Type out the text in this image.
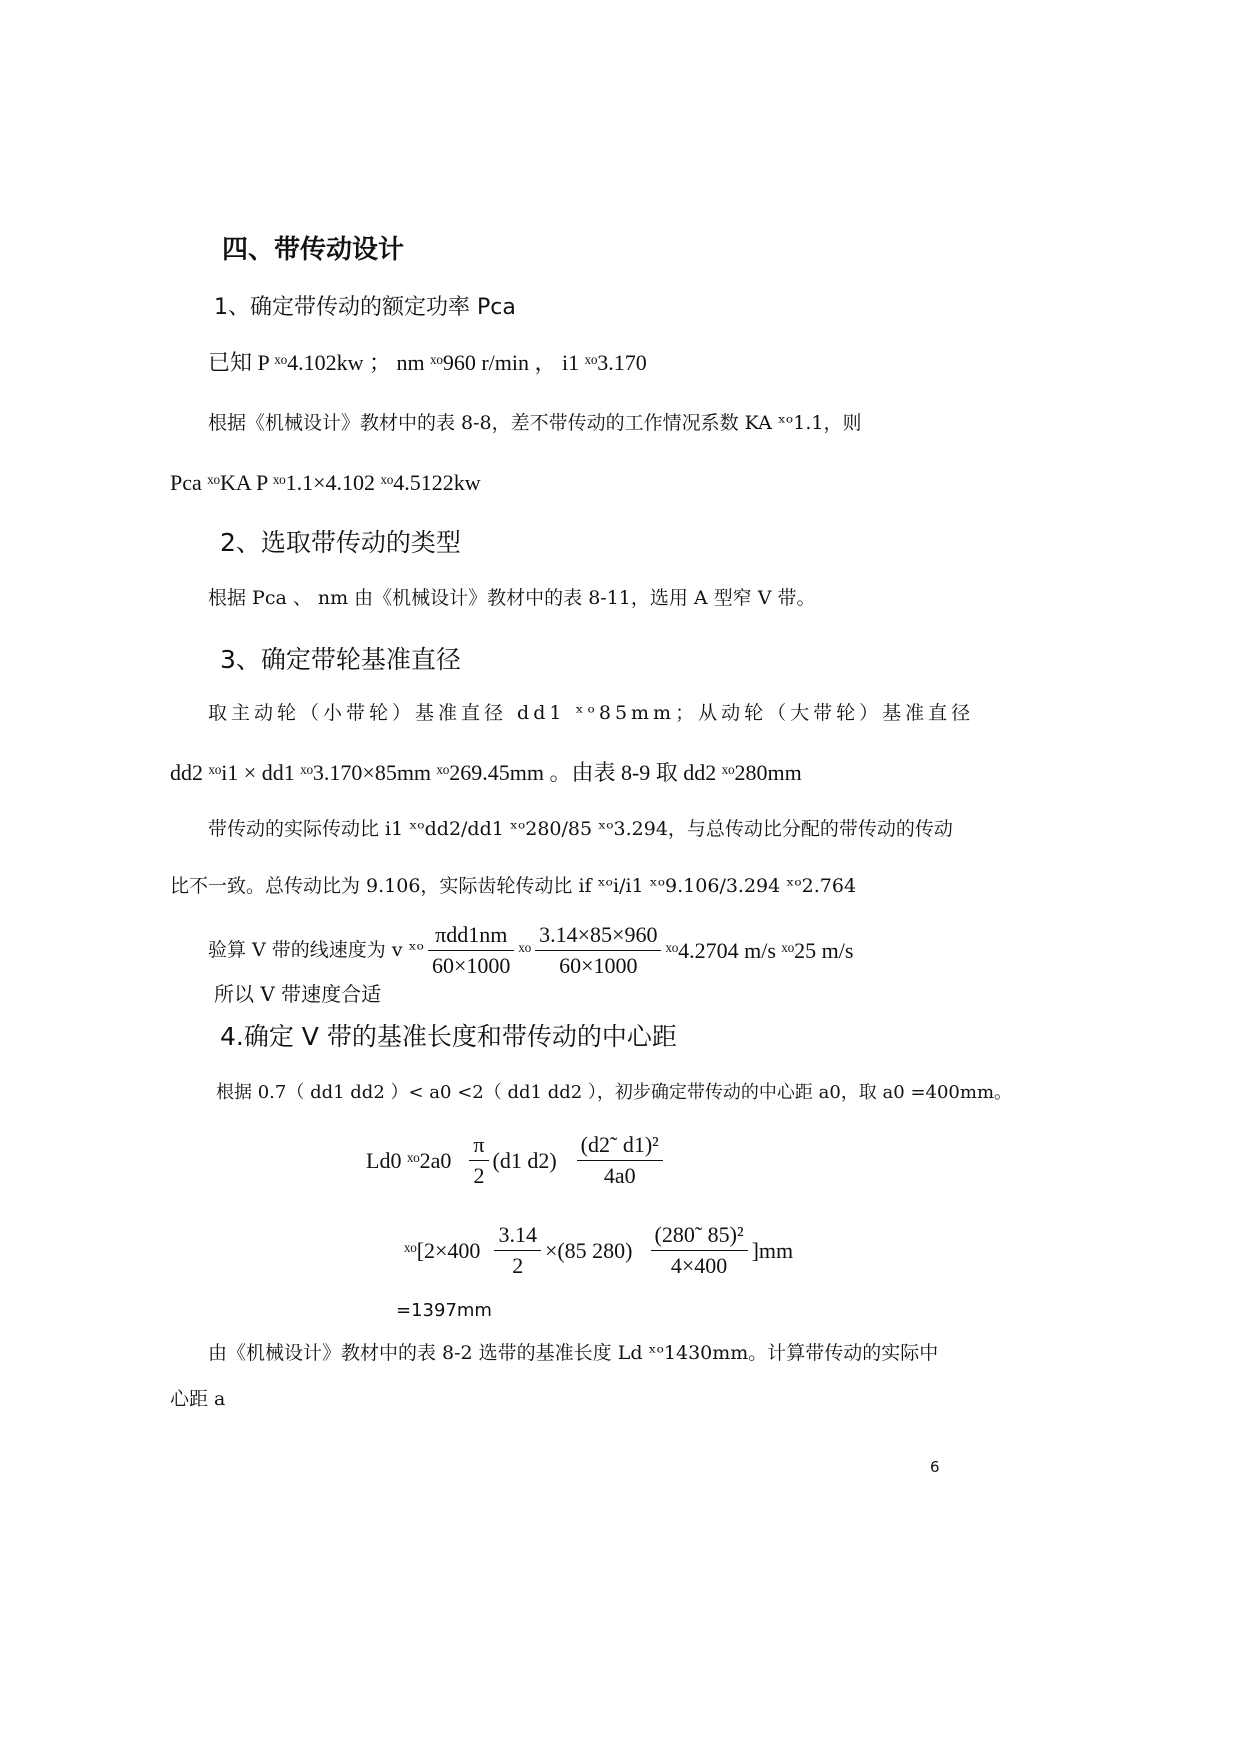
四、带传动设计
1、确定带传动的额定功率 Pca
已知 P ˣᵒ4.102kw ； nm ˣᵒ960 r/min ， i1 ˣᵒ3.170
根据《机械设计》教材中的表 8-8，差不带传动的工作情况系数 KA ˣᵒ1.1，则
Pca ˣᵒKA P ˣᵒ1.1×4.102 ˣᵒ4.5122kw
2、选取带传动的类型
根据 Pca 、 nm 由《机械设计》教材中的表 8-11，选用 A 型窄 V 带。
3、确定带轮基准直径
取主动轮（小带轮）基准直径 dd1 ˣᵒ85mm；从动轮（大带轮）基准直径
dd2 ˣᵒi1 × dd1 ˣᵒ3.170×85mm ˣᵒ269.45mm 。由表 8-9 取 dd2 ˣᵒ280mm
带传动的实际传动比 i1 ˣᵒdd2/dd1 ˣᵒ280/85 ˣᵒ3.294，与总传动比分配的带传动的传动
比不一致。总传动比为 9.106，实际齿轮传动比 if ˣᵒi/i1 ˣᵒ9.106/3.294 ˣᵒ2.764
验算 V 带的线速度为 v ˣᵒ $\frac{\text{πdd1nm}}{60\times 1000}$ ˣᵒ $\frac{3.14\times 85\times 960}{60\times 1000}$ ˣᵒ4.2704 m/s ˣᵒ25 m/s
所以 V 带速度合适
4.确定 V 带的基准长度和带传动的中心距
根据 0.7（ dd1 dd2 ）< a0 <2（ dd1 dd2 ），初步确定带传动的中心距 a0，取 a0 =400mm。
Ld0 ˣᵒ2a0 $\frac{\pi}{2} (d1$ $d2) \frac{\text{(d2˜ d1)²}}{4a0}$
ˣᵒ[2×400 $\frac{3.14}{2} \times(85$ $280) \frac{\text{(280˜ 85)²}}{4\times 400} ]mm$
=1397mm
由《机械设计》教材中的表 8-2 选带的基准长度 Ld ˣᵒ1430mm。计算带传动的实际中
心距 a
6
